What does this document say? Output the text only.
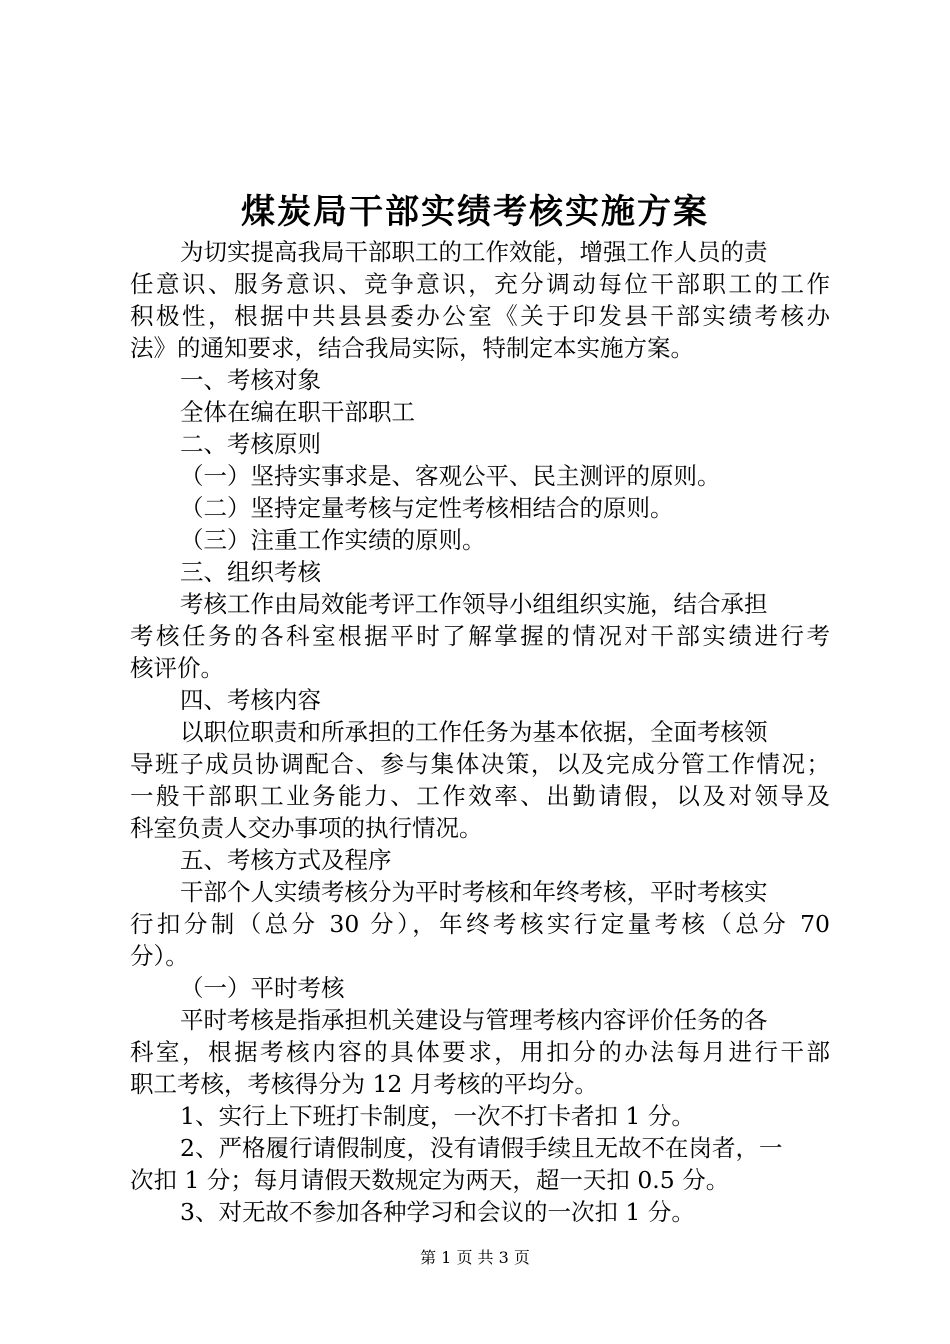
煤炭局干部实绩考核实施方案
为切实提高我局干部职工的工作效能，增强工作人员的责
任意识、服务意识、竞争意识，充分调动每位干部职工的工作
积极性，根据中共县县委办公室《关于印发县干部实绩考核办
法》的通知要求，结合我局实际，特制定本实施方案。
一、考核对象
全体在编在职干部职工
二、考核原则
（一）坚持实事求是、客观公平、民主测评的原则。
（二）坚持定量考核与定性考核相结合的原则。
（三）注重工作实绩的原则。
三、组织考核
考核工作由局效能考评工作领导小组组织实施，结合承担
考核任务的各科室根据平时了解掌握的情况对干部实绩进行考
核评价。
四、考核内容
以职位职责和所承担的工作任务为基本依据，全面考核领
导班子成员协调配合、参与集体决策，以及完成分管工作情况；
一般干部职工业务能力、工作效率、出勤请假，以及对领导及
科室负责人交办事项的执行情况。
五、考核方式及程序
干部个人实绩考核分为平时考核和年终考核，平时考核实
行扣分制（总分 30 分），年终考核实行定量考核（总分 70
分）。
（一）平时考核
平时考核是指承担机关建设与管理考核内容评价任务的各
科室，根据考核内容的具体要求，用扣分的办法每月进行干部
职工考核，考核得分为 12 月考核的平均分。
1、实行上下班打卡制度，一次不打卡者扣 1 分。
2、严格履行请假制度，没有请假手续且无故不在岗者，一
次扣 1 分；每月请假天数规定为两天，超一天扣 0.5 分。
3、对无故不参加各种学习和会议的一次扣 1 分。
第 1 页 共 3 页
